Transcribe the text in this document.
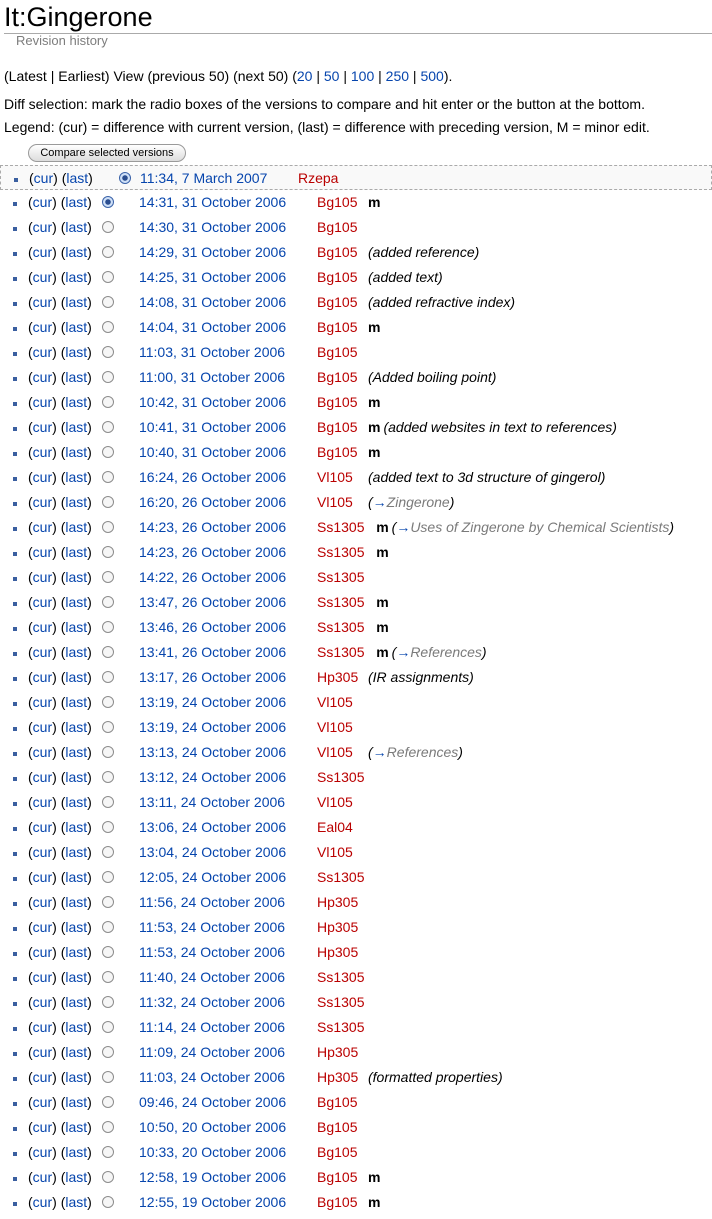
It:Gingerone
Revision history
(Latest | Earliest) View (previous 50) (next 50) (20 | 50 | 100 | 250 | 500).
Diff selection: mark the radio boxes of the versions to compare and hit enter or the button at the bottom.
Legend: (cur) = difference with current version, (last) = difference with preceding version, M = minor edit.
Compare selected versions
(cur) (last)	11:34, 7 March 2007 Rzepa
(cur) (last)	14:31, 31 October 2006 Bg105 m
(cur) (last)	14:30, 31 October 2006 Bg105
(cur) (last)	14:29, 31 October 2006 Bg105 (added reference)
(cur) (last)	14:25, 31 October 2006 Bg105 (added text)
(cur) (last)	14:08, 31 October 2006 Bg105 (added refractive index)
(cur) (last)	14:04, 31 October 2006 Bg105 m
(cur) (last)	11:03, 31 October 2006 Bg105
(cur) (last)	11:00, 31 October 2006 Bg105 (Added boiling point)
(cur) (last)	10:42, 31 October 2006 Bg105 m
(cur) (last)	10:41, 31 October 2006 Bg105 m (added websites in text to references)
(cur) (last)	10:40, 31 October 2006 Bg105 m
(cur) (last)	16:24, 26 October 2006 Vl105 (added text to 3d structure of gingerol)
(cur) (last)	16:20, 26 October 2006 Vl105 (→Zingerone)
(cur) (last)	14:23, 26 October 2006 Ss1305 m (→Uses of Zingerone by Chemical Scientists)
(cur) (last)	14:23, 26 October 2006 Ss1305 m
(cur) (last)	14:22, 26 October 2006 Ss1305
(cur) (last)	13:47, 26 October 2006 Ss1305 m
(cur) (last)	13:46, 26 October 2006 Ss1305 m
(cur) (last)	13:41, 26 October 2006 Ss1305 m (→References)
(cur) (last)	13:17, 26 October 2006 Hp305 (IR assignments)
(cur) (last)	13:19, 24 October 2006 Vl105
(cur) (last)	13:19, 24 October 2006 Vl105
(cur) (last)	13:13, 24 October 2006 Vl105 (→References)
(cur) (last)	13:12, 24 October 2006 Ss1305
(cur) (last)	13:11, 24 October 2006 Vl105
(cur) (last)	13:06, 24 October 2006 Eal04
(cur) (last)	13:04, 24 October 2006 Vl105
(cur) (last)	12:05, 24 October 2006 Ss1305
(cur) (last)	11:56, 24 October 2006 Hp305
(cur) (last)	11:53, 24 October 2006 Hp305
(cur) (last)	11:53, 24 October 2006 Hp305
(cur) (last)	11:40, 24 October 2006 Ss1305
(cur) (last)	11:32, 24 October 2006 Ss1305
(cur) (last)	11:14, 24 October 2006 Ss1305
(cur) (last)	11:09, 24 October 2006 Hp305
(cur) (last)	11:03, 24 October 2006 Hp305 (formatted properties)
(cur) (last)	09:46, 24 October 2006 Bg105
(cur) (last)	10:50, 20 October 2006 Bg105
(cur) (last)	10:33, 20 October 2006 Bg105
(cur) (last)	12:58, 19 October 2006 Bg105 m
(cur) (last)	12:55, 19 October 2006 Bg105 m
